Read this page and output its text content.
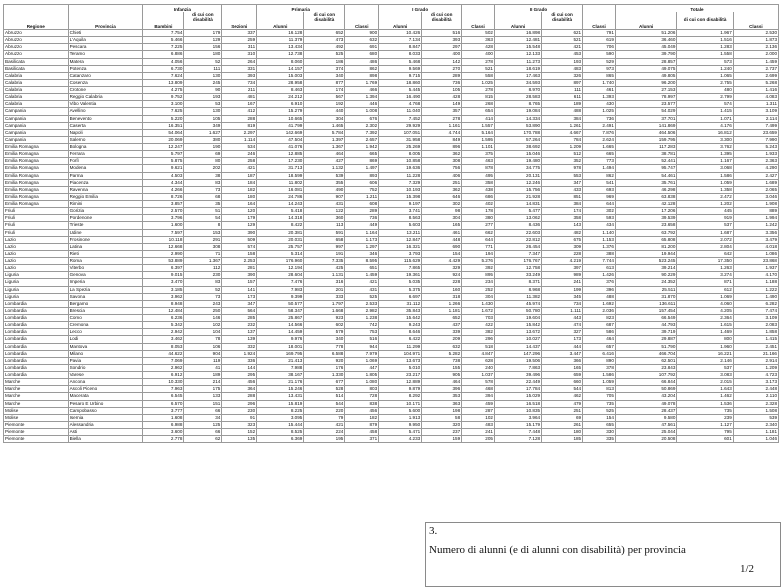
		Infanzia			Primaria			I Grado			II Grado			Totale		
			di cui con disabilità			di cui con disabilità			di cui con disabilità			di cui con disabilità			di cui con disabilità	
Regione	Provincia	Bambini		Sezioni	Alunni		Classi	Alunni		Classi	Alunni		Classi	Alunni		Classi
Abruzzo	Chieti	7.754	179	337	16.128	652	900	10.426	516	502	16.898	621	791	51.206	1.967	2.530
Abruzzo	L'Aquila	5.466	129	259	11.379	473	632	7.134	393	363	12.481	521	619	36.460	1.516	1.873
Abruzzo	Pescara	7.225	156	311	13.434	492	691	8.847	297	428	15.548	421	706	45.049	1.283	2.136
Abruzzo	Teramo	6.886	180	310	12.738	525	680	8.033	400	400	12.133	453	590	39.790	1.558	2.000
Basilicata	Matera	4.056	52	264	8.060	186	486	5.468	142	278	11.273	193	529	28.857	573	1.459
Basilicata	Potenza	6.730	111	331	14.157	374	862	9.569	270	521	18.619	483	973	49.075	1.240	2.737
Calabria	Catanzaro	7.624	130	393	15.003	340	898	9.715	289	558	17.463	326	865	49.805	1.065	2.699
Calabria	Cosenza	13.809	245	734	28.958	877	1.769	18.860	736	1.025	34.593	897	1.740	96.200	2.755	5.268
Calabria	Crotone	4.275	90	211	8.463	174	466	5.445	105	278	8.970	111	461	27.153	480	1.416
Calabria	Reggio Calabria	9.752	193	481	24.212	567	1.394	16.490	428	815	28.583	611	1.393	78.997	2.799	4.083
Calabria	Vibo Valentia	3.100	53	167	6.910	192	446	4.768	149	268	8.765	189	430	23.577	574	1.311
Campania	Avellino	7.625	130	412	15.279	440	1.008	11.040	357	654	19.084	488	1.025	54.029	1.415	3.109
Campania	Benevento	5.220	105	288	10.665	304	676	7.452	278	414	14.334	384	736	37.701	1.071	2.114
Campania	Caserta	16.351	349	819	41.799	1.465	2.302	29.929	1.161	1.557	53.890	1.261	2.491	141.869	4.176	7.499
Campania	Napoli	54.064	1.627	2.297	142.669	5.784	7.392	107.051	4.744	5.164	170.788	4.667	7.876	464.506	16.812	23.659
Campania	Salerno	20.069	380	1.114	47.504	1.397	2.657	31.958	849	1.595	57.264	784	2.624	159.795	3.300	7.990
Emilia Romagna	Bologna	12.247	190	534	41.076	1.367	1.942	25.269	896	1.101	38.692	1.209	1.665	117.283	3.762	5.243
Emilia Romagna	Ferrara	5.797	69	246	12.885	464	665	8.005	362	375	15.046	512	665	38.781	1.395	1.933
Emilia Romagna	Forlì	5.875	80	258	17.230	427	869	10.858	308	463	19.480	352	773	52.441	1.167	2.363
Emilia Romagna	Modena	9.621	202	421	31.713	1.132	1.497	19.636	756	878	34.775	978	1.494	95.747	3.068	4.290
Emilia Romagna	Parma	4.503	38	187	18.599	539	893	11.228	406	495	20.131	553	862	54.461	1.586	2.427
Emilia Romagna	Piacenza	4.344	83	184	11.802	355	606	7.329	251	358	12.246	347	541	35.761	1.059	1.689
Emilia Romagna	Ravenna	4.266	73	182	16.081	490	752	10.193	362	438	15.756	433	693	46.298	1.358	2.065
Emilia Romagna	Reggio Emilia	8.726	68	180	24.786	907	1.211	15.398	646	686	21.928	851	969	63.838	2.472	3.046
Emilia Romagna	Rimini	3.857	35	164	14.243	431	608	9.197	302	402	14.831	384	644	42.128	1.202	1.908
Friuli	Gorizia	2.570	51	120	5.418	122	289	3.741	98	178	5.477	174	302	17.206	445	889
Friuli	Pordenone	3.796	54	179	14.318	360	736	8.563	304	380	13.062	358	593	39.539	919	1.994
Friuli	Trieste	1.600	8	129	8.422	113	449	5.603	165	277	8.436	143	434	23.658	537	1.242
Friuli	Udine	7.597	153	390	20.381	591	1.164	13.211	461	662	22.603	482	1.140	63.792	1.687	3.356
Lazio	Frosinone	10.118	291	509	20.031	658	1.173	12.847	448	644	22.812	675	1.153	65.808	2.072	3.479
Lazio	Latina	12.668	308	574	25.757	997	1.297	16.321	690	771	26.454	309	1.376	81.200	2.804	4.018
Lazio	Rieti	2.990	71	158	5.314	191	346	3.793	154	194	7.347	228	388	19.944	642	1.086
Lazio	Roma	53.889	1.367	2.253	176.960	7.335	8.595	115.629	4.429	5.276	176.767	4.219	7.744	523.245	17.350	23.868
Lazio	Viterbo	6.397	112	281	12.194	425	651	7.865	329	392	12.758	397	613	39.214	1.263	1.937
Liguria	Genova	9.015	230	390	28.604	1.131	1.459	19.361	924	895	33.249	989	1.426	90.229	3.274	4.170
Liguria	Imperia	3.470	83	157	7.476	316	421	5.035	228	234	8.371	241	376	24.352	871	1.188
Liguria	La Spezia	3.185	52	141	7.983	201	431	5.375	160	252	8.968	199	396	25.511	612	1.222
Liguria	Savona	3.962	73	173	9.399	333	525	6.697	318	304	11.382	345	488	31.870	1.069	1.490
Lombardia	Bergamo	8.948	243	347	50.577	1.797	2.533	31.112	1.266	1.430	45.974	734	1.692	136.611	4.060	6.282
Lombardia	Brescia	12.484	250	564	58.347	1.668	2.982	35.843	1.181	1.672	50.780	1.111	2.036	157.454	4.205	7.474
Lombardia	Como	6.236	146	285	25.867	923	1.238	15.642	652	703	19.604	443	823	66.549	2.364	3.109
Lombardia	Cremona	5.342	102	232	14.566	602	742	9.243	437	422	15.842	474	687	44.793	1.615	2.083
Lombardia	Lecco	2.942	104	137	14.459	579	753	8.646	339	382	13.672	327	586	39.719	1.469	1.858
Lombardia	Lodi	3.462	78	139	9.976	340	516	6.422	209	296	10.027	173	464	29.887	800	1.415
Lombardia	Mantova	8.053	106	332	18.001	778	944	11.299	632	518	14.437	444	657	51.790	1.960	2.451
Lombardia	Milano	44.622	904	1.924	169.795	6.588	7.979	104.971	5.282	4.847	147.296	3.447	6.416	466.704	16.221	21.166
Lombardia	Pavia	7.069	119	336	21.413	920	1.069	13.673	738	628	19.506	366	890	62.501	2.146	2.914
Lombardia	Sondrio	2.962	41	144	7.988	176	447	5.010	155	240	7.863	165	378	23.843	537	1.209
Lombardia	Varese	6.912	189	295	38.167	1.330	1.805	23.217	905	1.037	39.496	659	1.586	107.792	3.083	4.723
Marche	Ancona	10.330	214	456	21.176	677	1.080	12.889	464	578	22.449	660	1.059	66.844	2.015	3.173
Marche	Ascoli Piceno	7.963	175	364	15.246	528	803	9.879	396	468	17.784	544	813	50.869	1.643	2.448
Marche	Macerata	6.545	133	288	13.431	514	728	8.292	353	394	15.029	462	705	43.204	1.462	2.110
Marche	Pesaro E Urbino	6.570	151	296	15.819	544	838	10.171	363	459	16.518	479	735	49.078	1.536	2.328
Molise	Campobasso	3.777	66	230	8.225	220	456	5.600	198	287	10.835	251	525	28.437	735	1.508
Molise	Isernia	1.608	34	91	3.095	79	182	1.913	58	102	3.964	69	154	9.580	239	539
Piemonte	Alessandria	6.988	125	323	15.444	421	879	9.950	320	483	15.179	261	655	47.561	1.127	2.340
Piemonte	Asti	3.600	66	152	8.525	224	458	5.471	237	241	7.448	180	330	25.044	795	1.181
Piemonte	Biella	2.778	62	135	6.369	195	371	4.233	159	205	7.128	185	335	20.508	601	1.046
3.
Numero di alunni (e di alunni con disabilità) per provincia
1/2
